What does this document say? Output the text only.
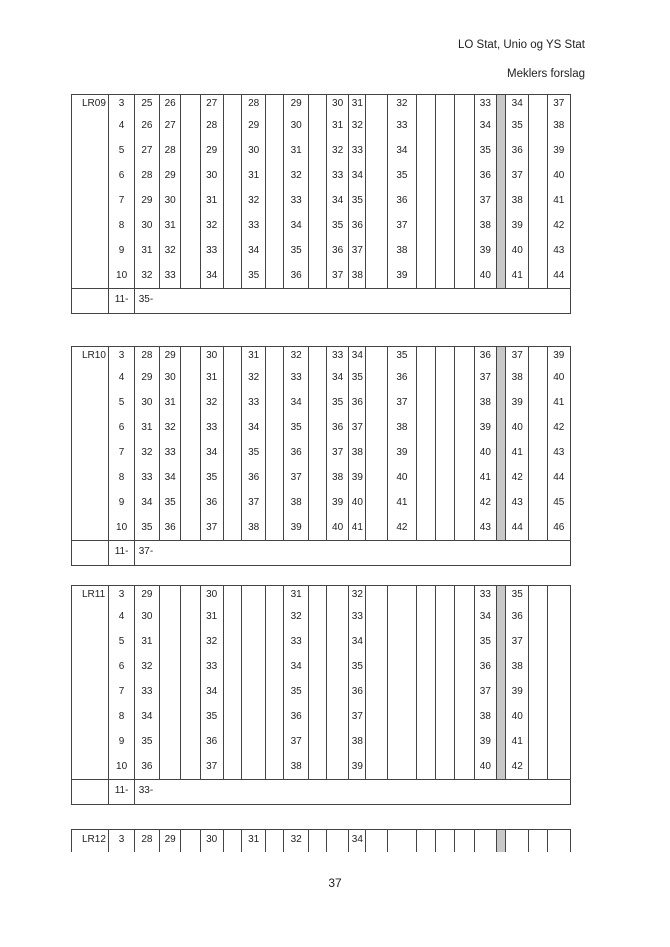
LO Stat, Unio og YS Stat
Meklers forslag
LR09	3	25	26		27		28		29		30	31		32				33		34		37
	4	26	27		28		29		30		31	32		33				34		35		38
	5	27	28		29		30		31		32	33		34				35		36		39
	6	28	29		30		31		32		33	34		35				36		37		40
	7	29	30		31		32		33		34	35		36				37		38		41
	8	30	31		32		33		34		35	36		37				38		39		42
	9	31	32		33		34		35		36	37		38				39		40		43
	10	32	33		34		35		36		37	38		39				40		41		44
	11-	35-																				
LR10	3	28	29		30		31		32		33	34		35				36		37		39
	4	29	30		31		32		33		34	35		36				37		38		40
	5	30	31		32		33		34		35	36		37				38		39		41
	6	31	32		33		34		35		36	37		38				39		40		42
	7	32	33		34		35		36		37	38		39				40		41		43
	8	33	34		35		36		37		38	39		40				41		42		44
	9	34	35		36		37		38		39	40		41				42		43		45
	10	35	36		37		38		39		40	41		42				43		44		46
	11-	37-																				
LR11	3	29			30				31			32						33		35		
	4	30			31				32			33						34		36		
	5	31			32				33			34						35		37		
	6	32			33				34			35						36		38		
	7	33			34				35			36						37		39		
	8	34			35				36			37						38		40		
	9	35			36				37			38						39		41		
	10	36			37				38			39						40		42		
	11-	33-																				
LR12	3	28	29		30		31		32			34										
37
